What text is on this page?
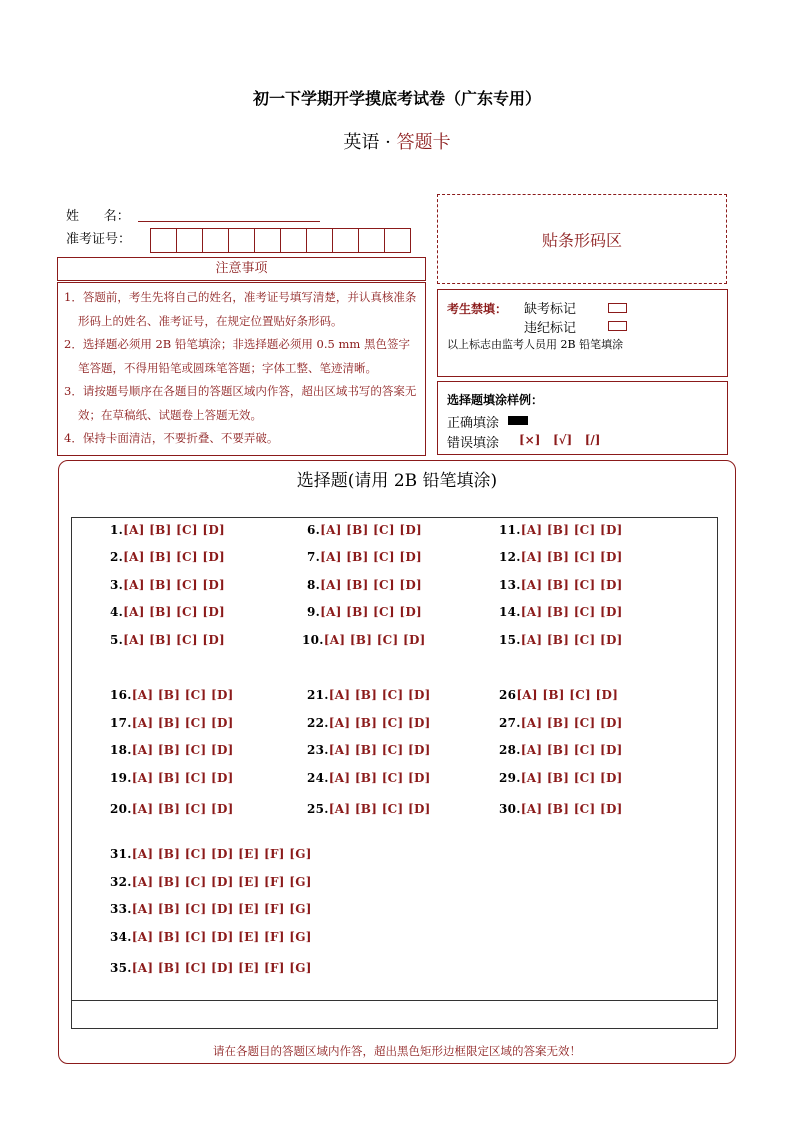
初一下学期开学摸底考试卷（广东专用）
英语 · 答题卡
姓      名：
准考证号：	贴条形码区
注意事项
1．答题前，考生先将自己的姓名，准考证号填写清楚，并认真核准条形码上的姓名、准考证号，在规定位置贴好条形码。
2．选择题必须用 2B 铅笔填涂；非选择题必须用 0.5 mm 黑色签字笔答题，不得用铅笔或圆珠笔答题；字体工整、笔迹清晰。
3．请按题号顺序在各题目的答题区域内作答，超出区域书写的答案无效；在草稿纸、试题卷上答题无效。
4．保持卡面清洁，不要折叠、不要弄破。
考生禁填： 缺考标记
违纪标记
以上标志由监考人员用 2B 铅笔填涂
选择题填涂样例：
正确填涂
错误填涂 [×]   [√]   [/]
选择题(请用 2B 铅笔填涂)
1.[A] [B] [C] [D]
2.[A] [B] [C] [D]
3.[A] [B] [C] [D]
4.[A] [B] [C] [D]
5.[A] [B] [C] [D]
16.[A] [B] [C] [D]
17.[A] [B] [C] [D]
18.[A] [B] [C] [D]
19.[A] [B] [C] [D]
20.[A] [B] [C] [D]
31.[A] [B] [C] [D] [E] [F] [G]
32.[A] [B] [C] [D] [E] [F] [G]
33.[A] [B] [C] [D] [E] [F] [G]
34.[A] [B] [C] [D] [E] [F] [G]
35.[A] [B] [C] [D] [E] [F] [G]
6.[A] [B] [C] [D]
7.[A] [B] [C] [D]
8.[A] [B] [C] [D]
9.[A] [B] [C] [D]
10.[A] [B] [C] [D]
21.[A] [B] [C] [D]
22.[A] [B] [C] [D]
23.[A] [B] [C] [D]
24.[A] [B] [C] [D]
25.[A] [B] [C] [D]
11.[A] [B] [C] [D]
12.[A] [B] [C] [D]
13.[A] [B] [C] [D]
14.[A] [B] [C] [D]
15.[A] [B] [C] [D]
26[A] [B] [C] [D]
27.[A] [B] [C] [D]
28.[A] [B] [C] [D]
29.[A] [B] [C] [D]
30.[A] [B] [C] [D]
请在各题目的答题区域内作答，超出黑色矩形边框限定区域的答案无效！
